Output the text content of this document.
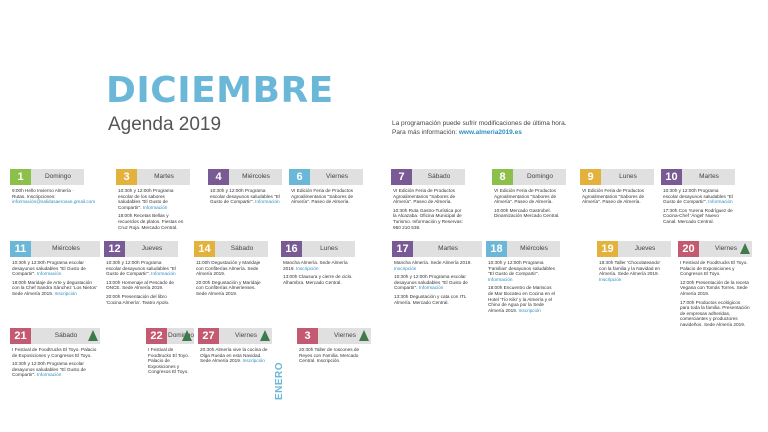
DICIEMBRE
Agenda 2019	La programación puede sufrir modificaciones de última hora.
Para más información: www.almeria2019.es
1	Domingo
9:00h Hello Invierno Almería · Rutas. Inscripciones: información@salidasaeroaxe.gmail.com
3	Martes
10:30h y 12:00h Programa escolar de los sabores saludables "El Gusto de Compartir". Información
18:00h Recetas Bellas y recuerdos de platos. Fiestas en Cruz Roja. Mercado Central.
4	Miércoles
10:30h y 12:00h Programa escolar desayunos saludables "El Gusto de Compartir". Información
6	Viernes
VI Edición Feria de Productos Agroalimentarios "Sabores de Almería". Paseo de Almería.
7	Sábado
VI Edición Feria de Productos Agroalimentarios "Sabores de Almería". Paseo de Almería.
10:30h Ruta Gastro-Turística por la Alcazaba. Oficina Municipal de Turismo. Información y Reservas: 950 210 538.
8	Domingo
VI Edición Feria de Productos Agroalimentarios "Sabores de Almería". Paseo de Almería.
10:00h Mercado Gastrobel. Dinamización Mercado Central.
9	Lunes
VI Edición Feria de Productos Agroalimentarios "Sabores de Almería". Paseo de Almería.
10	Martes
10:30h y 12:00h Programa escolar desayunos saludables "El Gusto de Compartir". Información
17:30h Con Yurena Rodríguez de Cocina-Chef 'Ángel' Nuevo Canal. Mercado Central.
11	Miércoles
10:30h y 12:00h Programa escolar desayunos saludables "El Gusto de Compartir". Información
18:00h Maridaje de Arte y degustación con la Chef Sandra Sánchez 'Los Nietos' Sede Almería 2019. Inscripción
12	Jueves
10:30h y 12:00h Programa escolar desayunos saludables "El Gusto de Compartir". Información
13:00h Homenaje al Pescado de ONCE. Sede Almería 2019.
20:00h Presentación del libro 'Cocina Almería'. Teatro Apolo.
14	Sábado
11:00h Degustación y Maridaje con Confiterías Almería. Sede Almería 2019.
20:00h Degustación y Maridaje con Confiterías Almerienses. Sede Almería 2019.
16	Lunes
Mancha Almería. Sede Almería 2019. Inscripción
13:00h Clausura y cierre de ciclo. Alhambra. Mercado Central.
17	Martes
Mancha Almería. Sede Almería 2019. Inscripción
10:30h y 12:00h Programa escolar desayunos saludables "El Gusto de Compartir". Información
13:30h Degustación y cata con ITL Almería. Mercado Central.
18	Miércoles
10:30h y 12:00h Programa 'Familias' desayunos saludables "El Gusto de Compartir". Información
18:00h Encuentro de Mariscos de Mar Bocateo en Cocina en el Hotel 'Tío Kiki' y la Almería y el Chino de Agua por la Sede Almería 2019. Inscripción
19	Jueves
18:30h Taller 'Chocolateando' con la familia y la Navidad en Almería. Sede Almería 2019. Inscripción
20	Viernes
I Festival de Foodtrucks El Toyo. Palacio de Exposiciones y Congresos El Toyo.
12:00h Presentación de la receta Vegana con Tomás Torres. Sede Almería 2019.
17:00h Productos ecológicos para toda la familia. Presentación de empresas adheridas, comerciantes y productores navideños. Sede Almería 2019.
21	Sábado
I Festival de Foodtrucks El Toyo. Palacio de Exposiciones y Congresos El Toyo.
10:30h y 12:00h Programa escolar desayunos saludables "El Gusto de Compartir". Información
22 Domingo
I Festival de Foodtrucks El Toyo. Palacio de Exposiciones y Congresos El Toyo.
27	Viernes
20:30h Almería vive la cocina de Olga Rueda en esta Navidad. Sede Almería 2019. Inscripción
3	Viernes
20:30h Taller de roscones de Reyes con Familia. Mercado Central. Inscripción.
ENERO
